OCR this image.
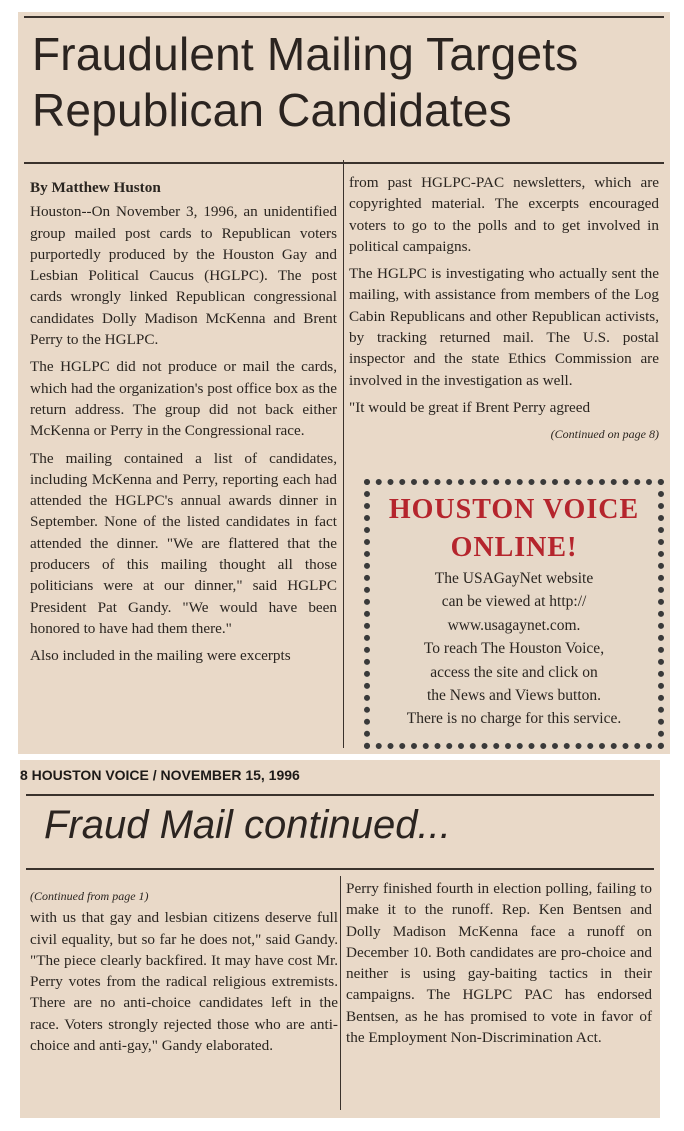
Fraudulent Mailing Targets Republican Candidates

By Matthew Huston

Houston--On November 3, 1996, an unidentified group mailed post cards to Republican voters purportedly produced by the Houston Gay and Lesbian Political Caucus (HGLPC). The post cards wrongly linked Republican congressional candidates Dolly Madison McKenna and Brent Perry to the HGLPC.

The HGLPC did not produce or mail the cards, which had the organization's post office box as the return address. The group did not back either McKenna or Perry in the Congressional race.

The mailing contained a list of candidates, including McKenna and Perry, reporting each had attended the HGLPC's annual awards dinner in September. None of the listed candidates in fact attended the dinner. "We are flattered that the producers of this mailing thought all those politicians were at our dinner," said HGLPC President Pat Gandy. "We would have been honored to have had them there."

Also included in the mailing were excerpts

from past HGLPC-PAC newsletters, which are copyrighted material. The excerpts encouraged voters to go to the polls and to get involved in political campaigns.

The HGLPC is investigating who actually sent the mailing, with assistance from members of the Log Cabin Republicans and other Republican activists, by tracking returned mail. The U.S. postal inspector and the state Ethics Commission are involved in the investigation as well.

"It would be great if Brent Perry agreed

(Continued on page 8)

HOUSTON VOICE
ONLINE!
The USAGayNet website
can be viewed at http://
www.usagaynet.com.
To reach The Houston Voice,
access the site and click on
the News and Views button.
There is no charge for this service.
Fraud Mail continued...

(Continued from page 1)

with us that gay and lesbian citizens deserve full civil equality, but so far he does not," said Gandy. "The piece clearly backfired. It may have cost Mr. Perry votes from the radical religious extremists. There are no anti-choice candidates left in the race. Voters strongly rejected those who are anti-choice and anti-gay," Gandy elaborated.

Perry finished fourth in election polling, failing to make it to the runoff. Rep. Ken Bentsen and Dolly Madison McKenna face a runoff on December 10. Both candidates are pro-choice and neither is using gay-baiting tactics in their campaigns. The HGLPC PAC has endorsed Bentsen, as he has promised to vote in favor of the Employment Non-Discrimination Act.

8 HOUSTON VOICE / NOVEMBER 15, 1996
